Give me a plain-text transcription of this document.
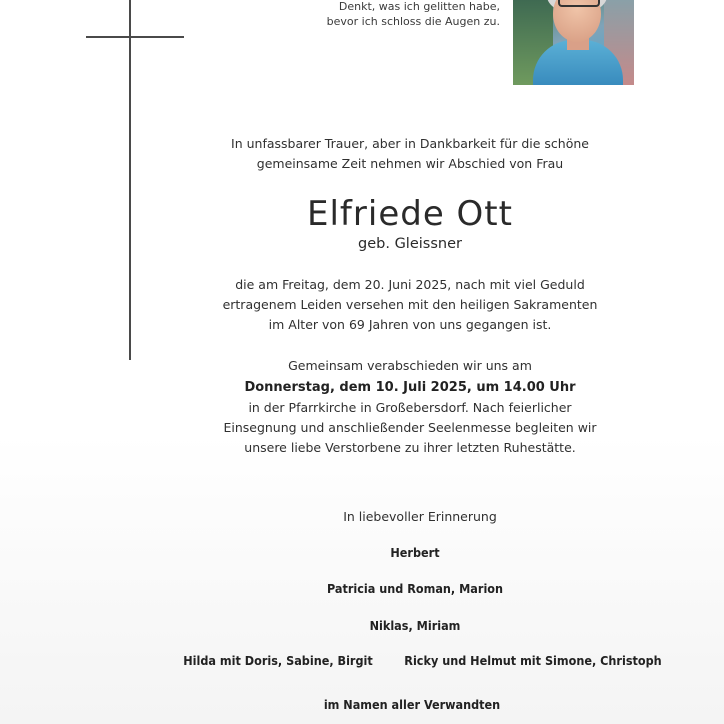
Denkt, was ich gelitten habe,
bevor ich schloss die Augen zu.
In unfassbarer Trauer, aber in Dankbarkeit für die schöne
gemeinsame Zeit nehmen wir Abschied von Frau
Elfriede Ott
geb. Gleissner
die am Freitag, dem 20. Juni 2025, nach mit viel Geduld
ertragenem Leiden versehen mit den heiligen Sakramenten
im Alter von 69 Jahren von uns gegangen ist.
Gemeinsam verabschieden wir uns am
Donnerstag, dem 10. Juli 2025, um 14.00 Uhr
in der Pfarrkirche in Großebersdorf. Nach feierlicher
Einsegnung und anschließender Seelenmesse begleiten wir
unsere liebe Verstorbene zu ihrer letzten Ruhestätte.
In liebevoller Erinnerung
Herbert
Patricia und Roman, Marion
Niklas, Miriam
Hilda mit Doris, Sabine, Birgit	Ricky und Helmut mit Simone, Christoph
im Namen aller Verwandten
